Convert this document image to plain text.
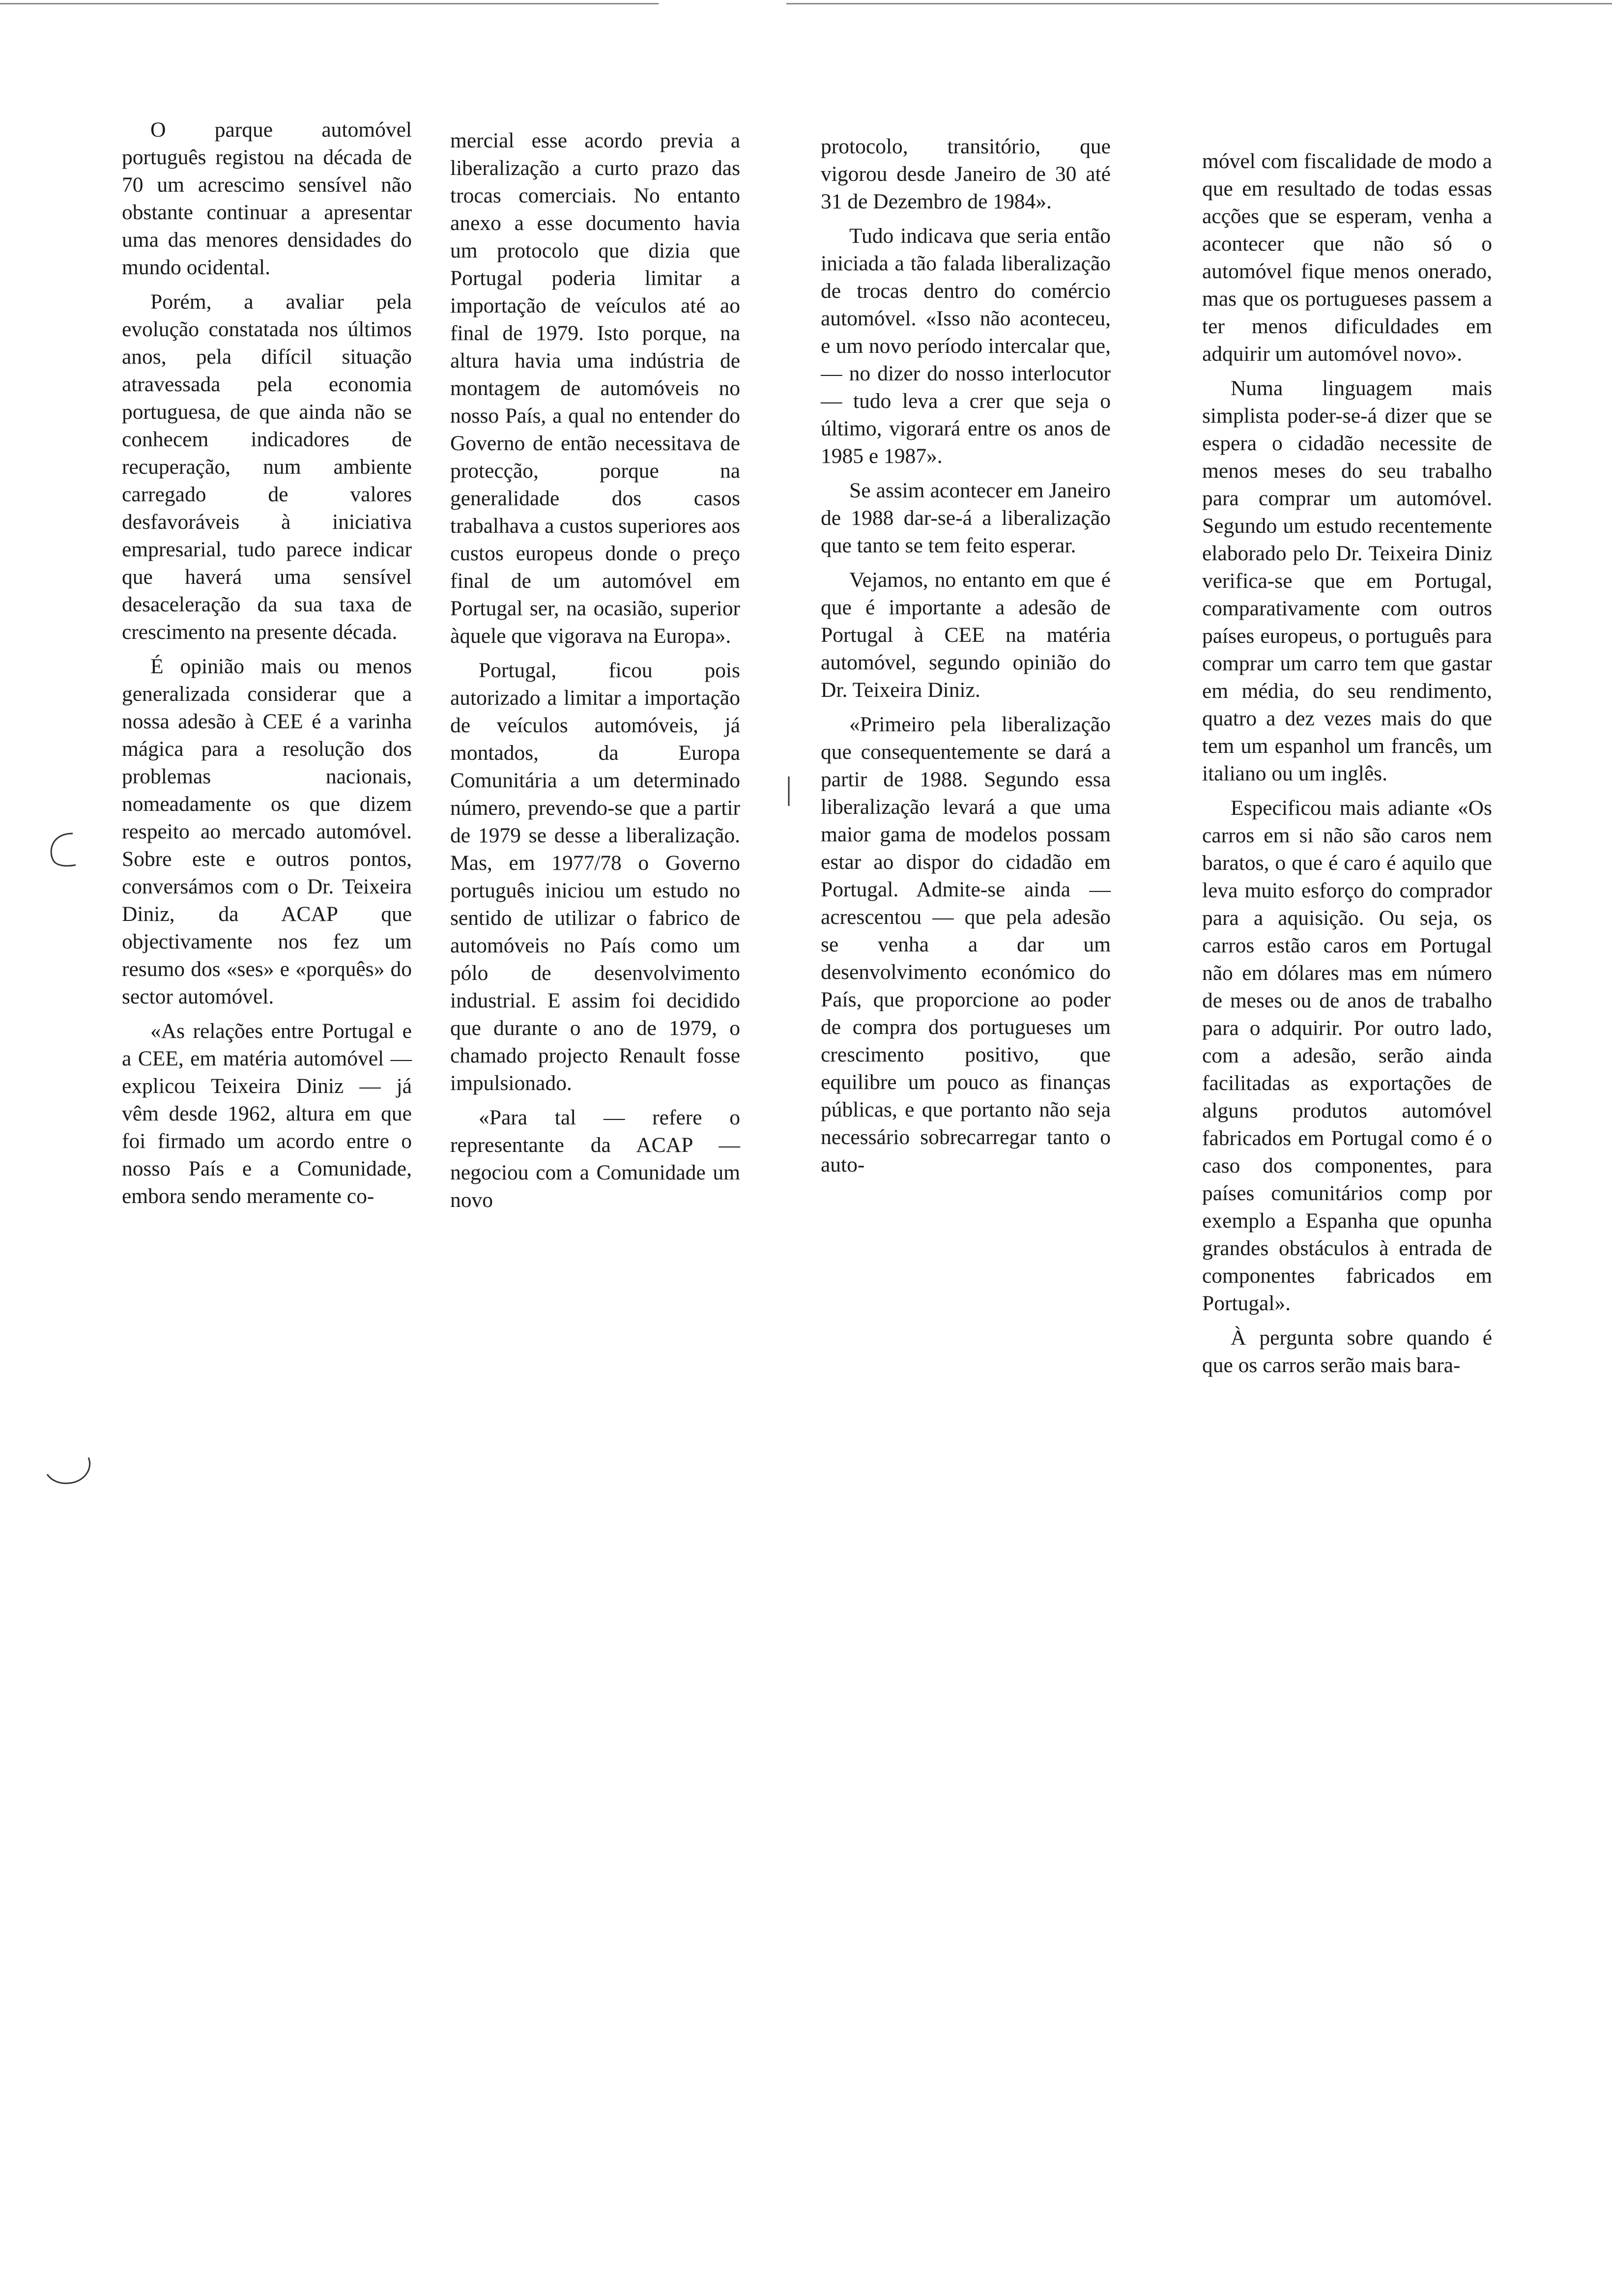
O parque automóvel português registou na década de 70 um acrescimo sensível não obstante continuar a apresentar uma das menores densidades do mundo ocidental.

Porém, a avaliar pela evolução constatada nos últimos anos, pela difícil situação atravessada pela economia portuguesa, de que ainda não se conhecem indicadores de recuperação, num ambiente carregado de valores desfavoráveis à iniciativa empresarial, tudo parece indicar que haverá uma sensível desaceleração da sua taxa de crescimento na presente década.

É opinião mais ou menos generalizada considerar que a nossa adesão à CEE é a varinha mágica para a resolução dos problemas nacionais, nomeadamente os que dizem respeito ao mercado automóvel. Sobre este e outros pontos, conversámos com o Dr. Teixeira Diniz, da ACAP que objectivamente nos fez um resumo dos «ses» e «porquês» do sector automóvel.

«As relações entre Portugal e a CEE, em matéria automóvel — explicou Teixeira Diniz — já vêm desde 1962, altura em que foi firmado um acordo entre o nosso País e a Comunidade, embora sendo meramente co-

mercial esse acordo previa a liberalização a curto prazo das trocas comerciais. No entanto anexo a esse documento havia um protocolo que dizia que Portugal poderia limitar a importação de veículos até ao final de 1979. Isto porque, na altura havia uma indústria de montagem de automóveis no nosso País, a qual no entender do Governo de então necessitava de protecção, porque na generalidade dos casos trabalhava a custos superiores aos custos europeus donde o preço final de um automóvel em Portugal ser, na ocasião, superior àquele que vigorava na Europa».

Portugal, ficou pois autorizado a limitar a importação de veículos automóveis, já montados, da Europa Comunitária a um determinado número, prevendo-se que a partir de 1979 se desse a liberalização. Mas, em 1977/78 o Governo português iniciou um estudo no sentido de utilizar o fabrico de automóveis no País como um pólo de desenvolvimento industrial. E assim foi decidido que durante o ano de 1979, o chamado projecto Renault fosse impulsionado.

«Para tal — refere o representante da ACAP — negociou com a Comunidade um novo

protocolo, transitório, que vigorou desde Janeiro de 30 até 31 de Dezembro de 1984».

Tudo indicava que seria então iniciada a tão falada liberalização de trocas dentro do comércio automóvel. «Isso não aconteceu, e um novo período intercalar que, — no dizer do nosso interlocutor — tudo leva a crer que seja o último, vigorará entre os anos de 1985 e 1987».

Se assim acontecer em Janeiro de 1988 dar-se-á a liberalização que tanto se tem feito esperar.

Vejamos, no entanto em que é que é importante a adesão de Portugal à CEE na matéria automóvel, segundo opinião do Dr. Teixeira Diniz.

«Primeiro pela liberalização que consequentemente se dará a partir de 1988. Segundo essa liberalização levará a que uma maior gama de modelos possam estar ao dispor do cidadão em Portugal. Admite-se ainda — acrescentou — que pela adesão se venha a dar um desenvolvimento económico do País, que proporcione ao poder de compra dos portugueses um crescimento positivo, que equilibre um pouco as finanças públicas, e que portanto não seja necessário sobrecarregar tanto o auto-

móvel com fiscalidade de modo a que em resultado de todas essas acções que se esperam, venha a acontecer que não só o automóvel fique menos onerado, mas que os portugueses passem a ter menos dificuldades em adquirir um automóvel novo».

Numa linguagem mais simplista poder-se-á dizer que se espera o cidadão necessite de menos meses do seu trabalho para comprar um automóvel. Segundo um estudo recentemente elaborado pelo Dr. Teixeira Diniz verifica-se que em Portugal, comparativamente com outros países europeus, o português para comprar um carro tem que gastar em média, do seu rendimento, quatro a dez vezes mais do que tem um espanhol um francês, um italiano ou um inglês.

Especificou mais adiante «Os carros em si não são caros nem baratos, o que é caro é aquilo que leva muito esforço do comprador para a aquisição. Ou seja, os carros estão caros em Portugal não em dólares mas em número de meses ou de anos de trabalho para o adquirir. Por outro lado, com a adesão, serão ainda facilitadas as exportações de alguns produtos automóvel fabricados em Portugal como é o caso dos componentes, para países comunitários comp por exemplo a Espanha que opunha grandes obstáculos à entrada de componentes fabricados em Portugal».

À pergunta sobre quando é que os carros serão mais bara-
